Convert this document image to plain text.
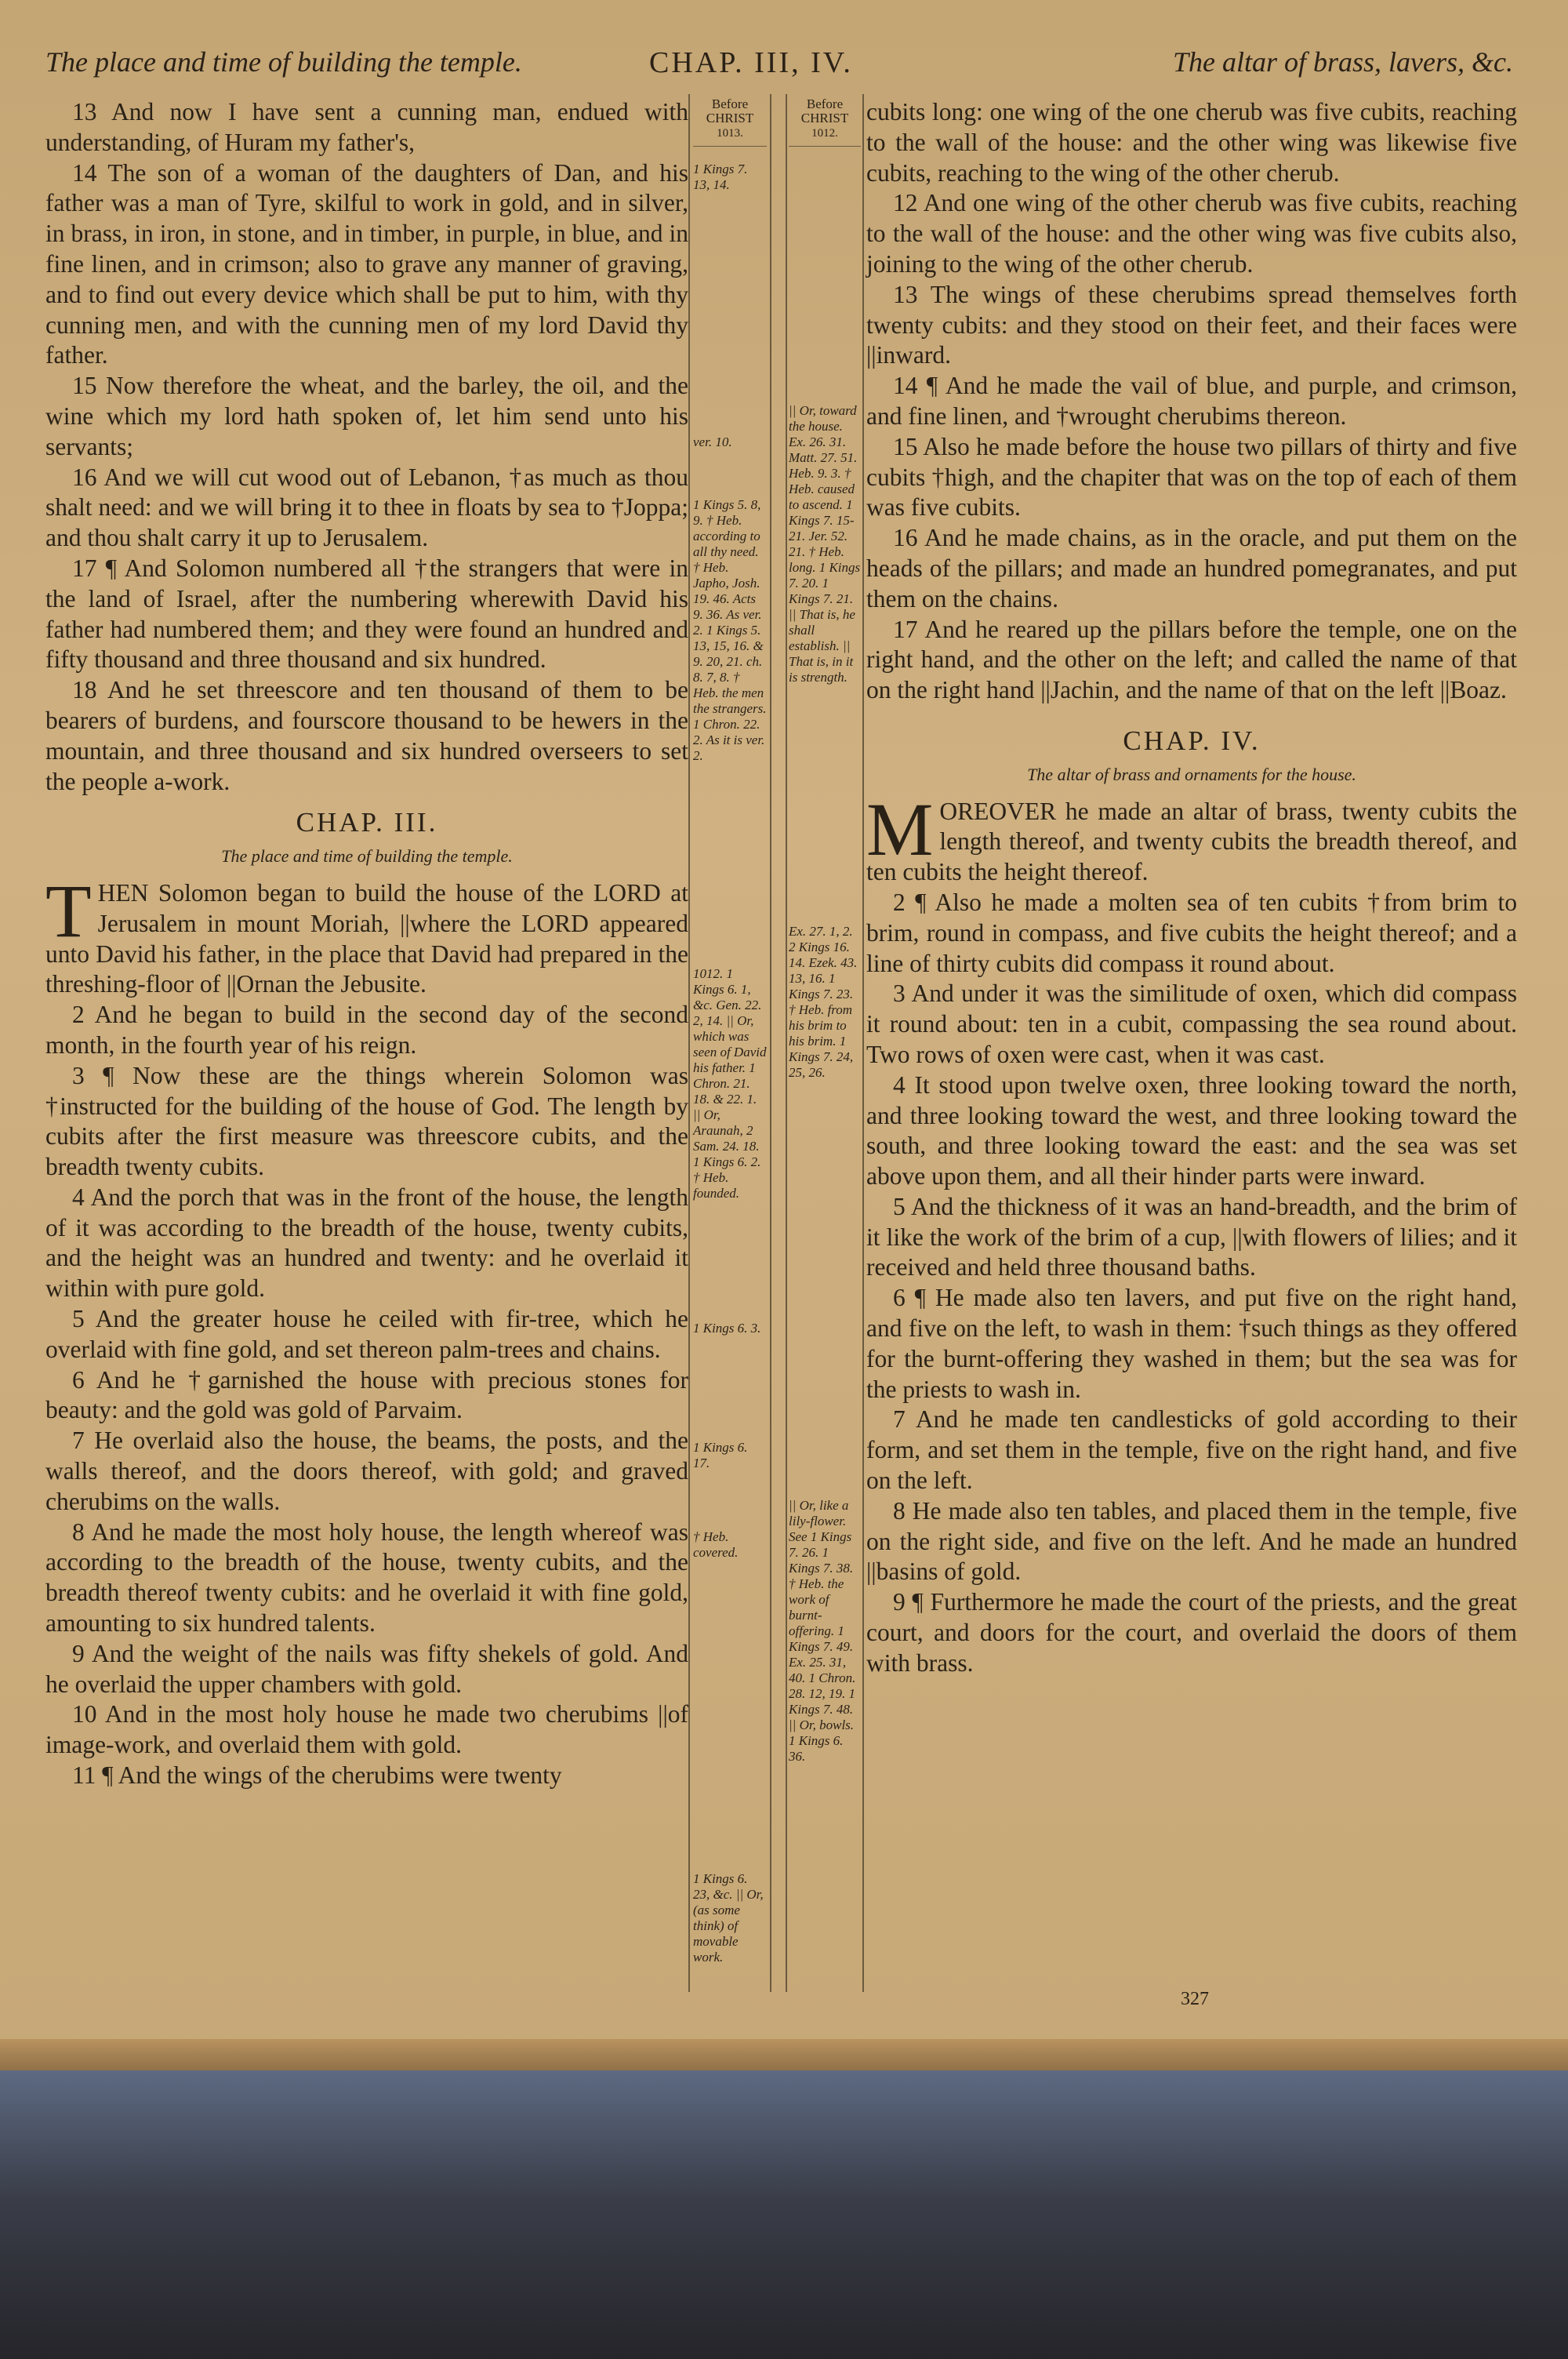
The place and time of building the temple.	CHAP. III, IV.	The altar of brass, lavers, &c.

13 And now I have sent a cunning man, endued with understanding, of Huram my father's,

14 The son of a woman of the daughters of Dan, and his father was a man of Tyre, skilful to work in gold, and in silver, in brass, in iron, in stone, and in timber, in purple, in blue, and in fine linen, and in crimson; also to grave any manner of graving, and to find out every device which shall be put to him, with thy cunning men, and with the cunning men of my lord David thy father.

15 Now therefore the wheat, and the barley, the oil, and the wine which my lord hath spoken of, let him send unto his servants;

16 And we will cut wood out of Lebanon, †as much as thou shalt need: and we will bring it to thee in floats by sea to †Joppa; and thou shalt carry it up to Jerusalem.

17 ¶ And Solomon numbered all †the strangers that were in the land of Israel, after the numbering wherewith David his father had numbered them; and they were found an hundred and fifty thousand and three thousand and six hundred.

18 And he set threescore and ten thousand of them to be bearers of burdens, and fourscore thousand to be hewers in the mountain, and three thousand and six hundred overseers to set the people a-work.

CHAP. III.
The place and time of building the temple.

THEN Solomon began to build the house of the LORD at Jerusalem in mount Moriah, ||where the LORD appeared unto David his father, in the place that David had prepared in the threshing-floor of ||Ornan the Jebusite.

2 And he began to build in the second day of the second month, in the fourth year of his reign.

3 ¶ Now these are the things wherein Solomon was †instructed for the building of the house of God. The length by cubits after the first measure was threescore cubits, and the breadth twenty cubits.

4 And the porch that was in the front of the house, the length of it was according to the breadth of the house, twenty cubits, and the height was an hundred and twenty: and he overlaid it within with pure gold.

5 And the greater house he ceiled with fir-tree, which he overlaid with fine gold, and set thereon palm-trees and chains.

6 And he †garnished the house with precious stones for beauty: and the gold was gold of Parvaim.

7 He overlaid also the house, the beams, the posts, and the walls thereof, and the doors thereof, with gold; and graved cherubims on the walls.

8 And he made the most holy house, the length whereof was according to the breadth of the house, twenty cubits, and the breadth thereof twenty cubits: and he overlaid it with fine gold, amounting to six hundred talents.

9 And the weight of the nails was fifty shekels of gold. And he overlaid the upper chambers with gold.

10 And in the most holy house he made two cherubims ||of image-work, and overlaid them with gold.

11 ¶ And the wings of the cherubims were twenty

Before CHRIST
1013.
1 Kings 7. 13, 14.
ver. 10.
1 Kings 5. 8, 9. † Heb. according to all thy need. † Heb. Japho, Josh. 19. 46. Acts 9. 36. As ver. 2. 1 Kings 5. 13, 15, 16. & 9. 20, 21. ch. 8. 7, 8. † Heb. the men the strangers. 1 Chron. 22. 2. As it is ver. 2.
1012. 1 Kings 6. 1, &c. Gen. 22. 2, 14. || Or, which was seen of David his father. 1 Chron. 21. 18. & 22. 1. || Or, Araunah, 2 Sam. 24. 18. 1 Kings 6. 2. † Heb. founded.
1 Kings 6. 3.
1 Kings 6. 17.
† Heb. covered.
1 Kings 6. 23, &c. || Or, (as some think) of movable work.
Before CHRIST
1012.
|| Or, toward the house. Ex. 26. 31. Matt. 27. 51. Heb. 9. 3. † Heb. caused to ascend. 1 Kings 7. 15-21. Jer. 52. 21. † Heb. long. 1 Kings 7. 20. 1 Kings 7. 21. || That is, he shall establish. || That is, in it is strength.
Ex. 27. 1, 2. 2 Kings 16. 14. Ezek. 43. 13, 16. 1 Kings 7. 23. † Heb. from his brim to his brim. 1 Kings 7. 24, 25, 26.
|| Or, like a lily-flower. See 1 Kings 7. 26. 1 Kings 7. 38. † Heb. the work of burnt-offering. 1 Kings 7. 49. Ex. 25. 31, 40. 1 Chron. 28. 12, 19. 1 Kings 7. 48. || Or, bowls. 1 Kings 6. 36.

cubits long: one wing of the one cherub was five cubits, reaching to the wall of the house: and the other wing was likewise five cubits, reaching to the wing of the other cherub.

12 And one wing of the other cherub was five cubits, reaching to the wall of the house: and the other wing was five cubits also, joining to the wing of the other cherub.

13 The wings of these cherubims spread themselves forth twenty cubits: and they stood on their feet, and their faces were ||inward.

14 ¶ And he made the vail of blue, and purple, and crimson, and fine linen, and †wrought cherubims thereon.

15 Also he made before the house two pillars of thirty and five cubits †high, and the chapiter that was on the top of each of them was five cubits.

16 And he made chains, as in the oracle, and put them on the heads of the pillars; and made an hundred pomegranates, and put them on the chains.

17 And he reared up the pillars before the temple, one on the right hand, and the other on the left; and called the name of that on the right hand ||Jachin, and the name of that on the left ||Boaz.

CHAP. IV.
The altar of brass and ornaments for the house.

MOREOVER he made an altar of brass, twenty cubits the length thereof, and twenty cubits the breadth thereof, and ten cubits the height thereof.

2 ¶ Also he made a molten sea of ten cubits †from brim to brim, round in compass, and five cubits the height thereof; and a line of thirty cubits did compass it round about.

3 And under it was the similitude of oxen, which did compass it round about: ten in a cubit, compassing the sea round about. Two rows of oxen were cast, when it was cast.

4 It stood upon twelve oxen, three looking toward the north, and three looking toward the west, and three looking toward the south, and three looking toward the east: and the sea was set above upon them, and all their hinder parts were inward.

5 And the thickness of it was an hand-breadth, and the brim of it like the work of the brim of a cup, ||with flowers of lilies; and it received and held three thousand baths.

6 ¶ He made also ten lavers, and put five on the right hand, and five on the left, to wash in them: †such things as they offered for the burnt-offering they washed in them; but the sea was for the priests to wash in.

7 And he made ten candlesticks of gold according to their form, and set them in the temple, five on the right hand, and five on the left.

8 He made also ten tables, and placed them in the temple, five on the right side, and five on the left. And he made an hundred ||basins of gold.

9 ¶ Furthermore he made the court of the priests, and the great court, and doors for the court, and overlaid the doors of them with brass.

327
